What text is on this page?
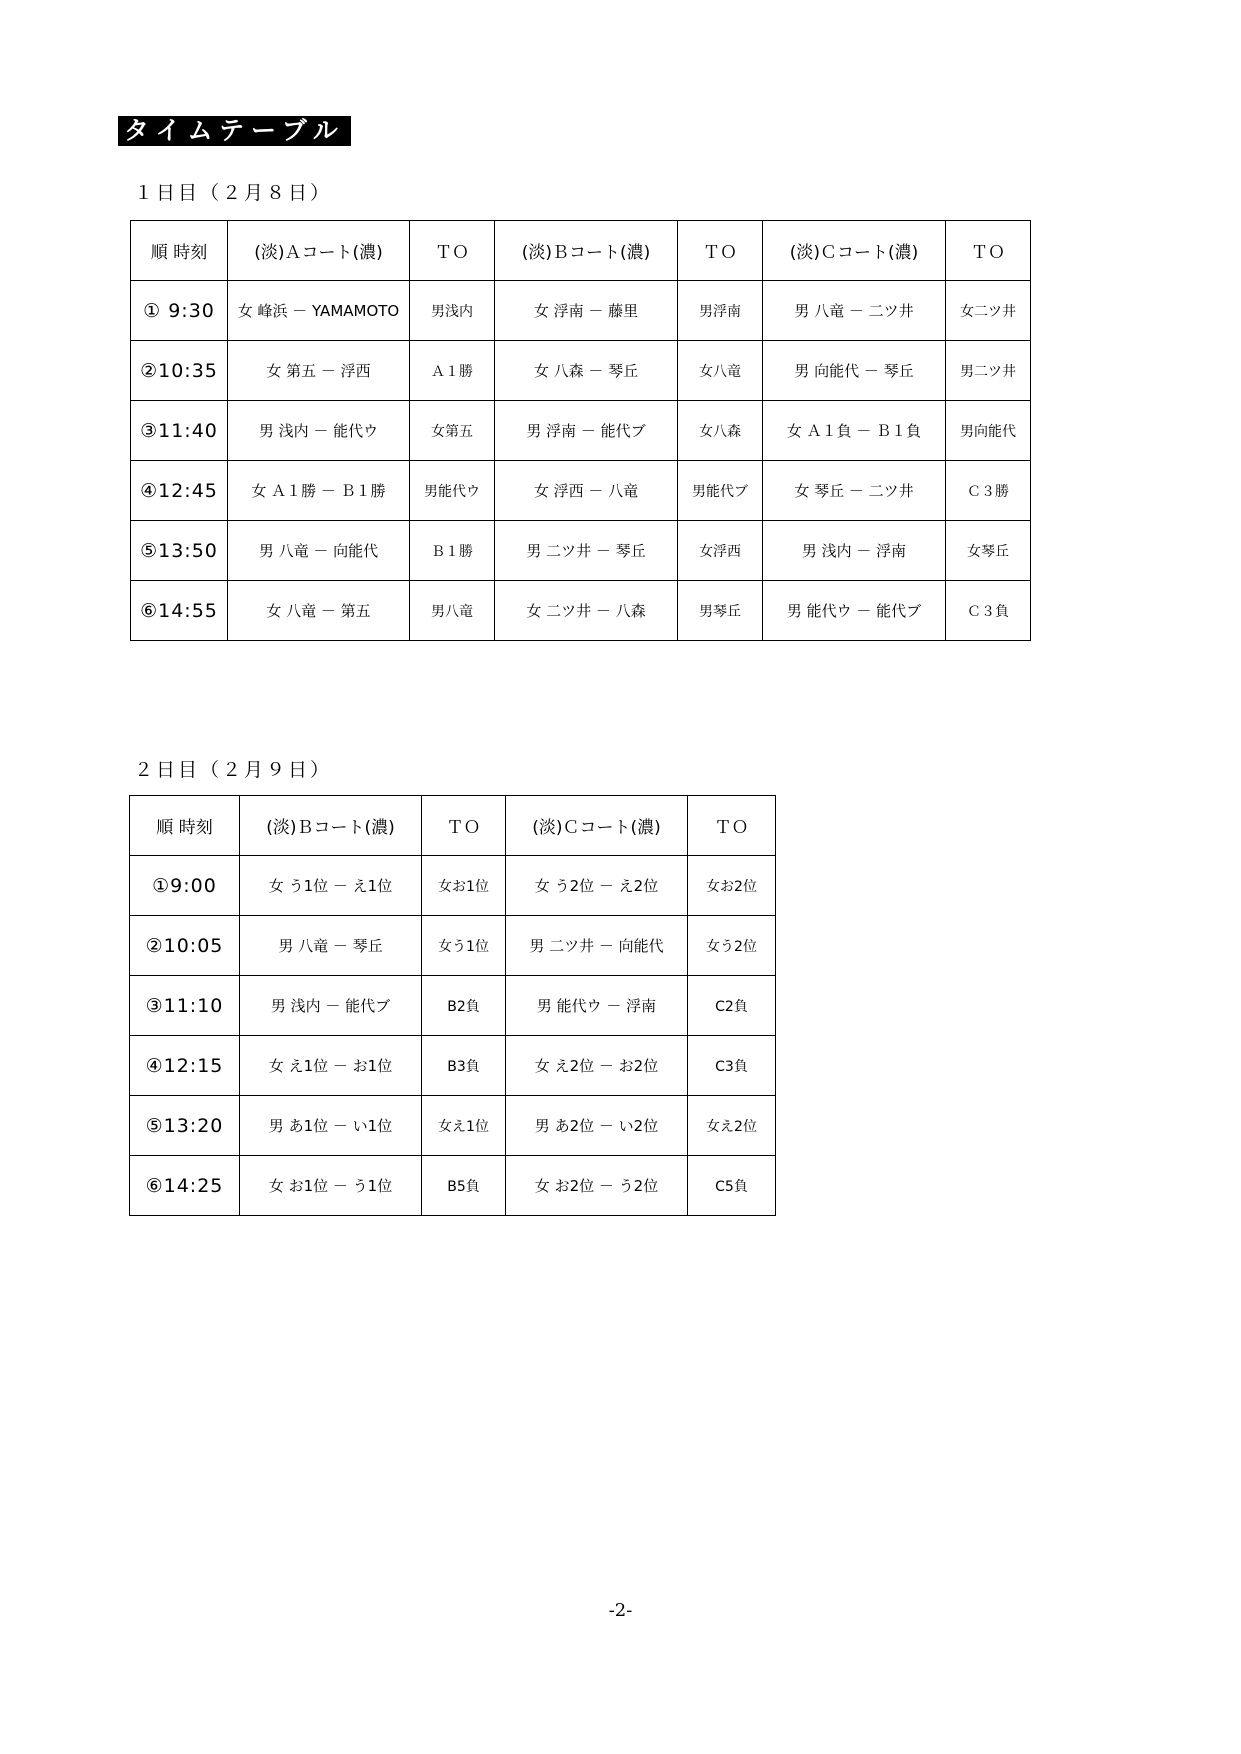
タイムテーブル
１日目（２月８日）
順 時刻	(淡)Ａコート(濃)	ＴＯ	(淡)Ｂコート(濃)	ＴＯ	(淡)Ｃコート(濃)	ＴＯ
① 9:30	女 峰浜 － YAMAMOTO	男浅内	女 浮南 － 藤里	男浮南	男 八竜 － 二ツ井	女二ツ井
②10:35	女 第五 － 浮西	Ａ１勝	女 八森 － 琴丘	女八竜	男 向能代 － 琴丘	男二ツ井
③11:40	男 浅内 － 能代ウ	女第五	男 浮南 － 能代ブ	女八森	女 Ａ１負 － Ｂ１負	男向能代
④12:45	女 Ａ１勝 － Ｂ１勝	男能代ウ	女 浮西 － 八竜	男能代ブ	女 琴丘 － 二ツ井	Ｃ３勝
⑤13:50	男 八竜 － 向能代	Ｂ１勝	男 二ツ井 － 琴丘	女浮西	男 浅内 － 浮南	女琴丘
⑥14:55	女 八竜 － 第五	男八竜	女 二ツ井 － 八森	男琴丘	男 能代ウ － 能代ブ	Ｃ３負
２日目（２月９日）
順 時刻	(淡)Ｂコート(濃)	ＴＯ	(淡)Ｃコート(濃)	ＴＯ
①9:00	女 う1位 － え1位	女お1位	女 う2位 － え2位	女お2位
②10:05	男 八竜 － 琴丘	女う1位	男 二ツ井 － 向能代	女う2位
③11:10	男 浅内 － 能代ブ	B2負	男 能代ウ － 浮南	C2負
④12:15	女 え1位 － お1位	B3負	女 え2位 － お2位	C3負
⑤13:20	男 あ1位 － い1位	女え1位	男 あ2位 － い2位	女え2位
⑥14:25	女 お1位 － う1位	B5負	女 お2位 － う2位	C5負
-2-
